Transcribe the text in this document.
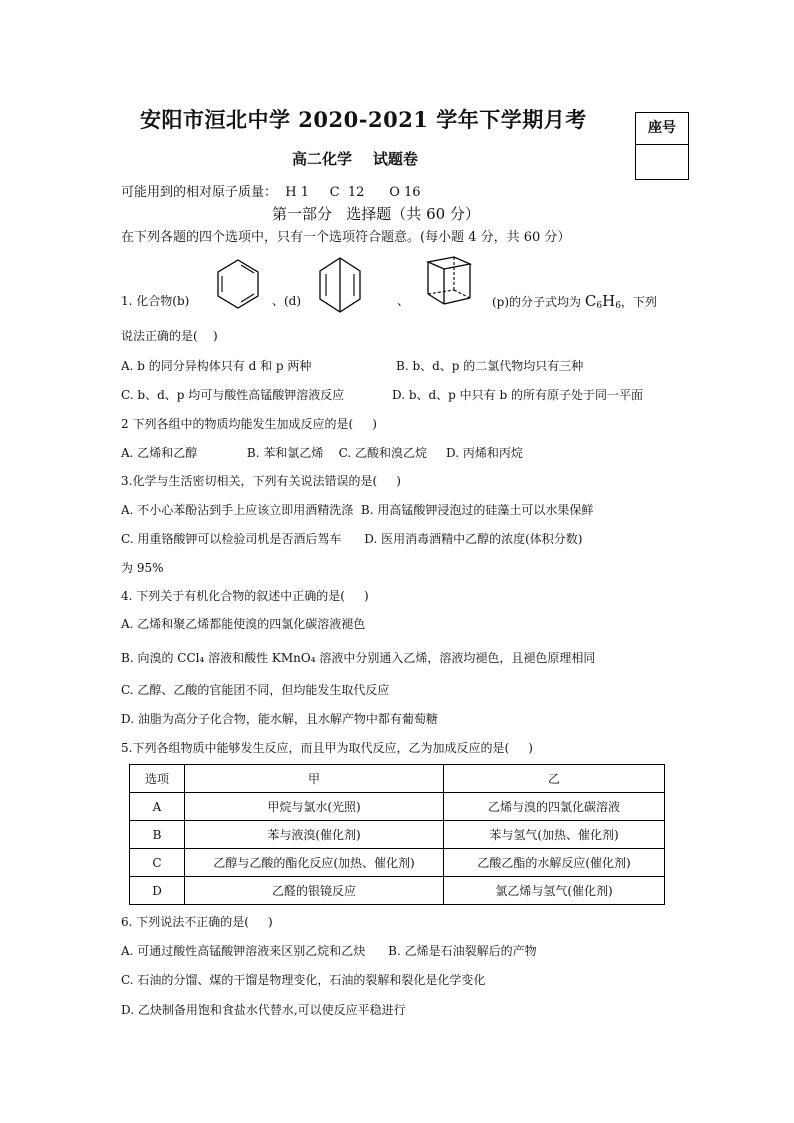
安阳市洹北中学 2020-2021 学年下学期月考	座号
高二化学    试题卷
可能用到的相对原子质量：  H 1     C  12      O 16
第一部分   选择题（共 60 分）
在下列各题的四个选项中，只有一个选项符合题意。(每小题 4 分，共 60 分）
1. 化合物(b)	、(d)	、	(p)的分子式均为 C6H6，下列
说法正确的是(    )
A. b 的同分异构体只有 d 和 p 两种	B. b、d、p 的二氯代物均只有三种
C. b、d、p 均可与酸性高锰酸钾溶液反应	D. b、d、p 中只有 b 的所有原子处于同一平面
2 下列各组中的物质均能发生加成反应的是(     )
A. 乙烯和乙醇             B. 苯和氯乙烯    C. 乙酸和溴乙烷     D. 丙烯和丙烷
3.化学与生活密切相关，下列有关说法错误的是(     )
A. 不小心苯酚沾到手上应该立即用酒精洗涤  B. 用高锰酸钾浸泡过的硅藻土可以水果保鲜
C. 用重铬酸钾可以检验司机是否酒后驾车      D. 医用消毒酒精中乙醇的浓度(体积分数)
为 95%
4. 下列关于有机化合物的叙述中正确的是(     )
A. 乙烯和聚乙烯都能使溴的四氯化碳溶液褪色
B. 向溴的 CCl₄ 溶液和酸性 KMnO₄ 溶液中分别通入乙烯，溶液均褪色，且褪色原理相同
C. 乙醇、乙酸的官能团不同，但均能发生取代反应
D. 油脂为高分子化合物，能水解，且水解产物中都有葡萄糖
5.下列各组物质中能够发生反应，而且甲为取代反应，乙为加成反应的是(     )
选项	甲	乙
A	甲烷与氯水(光照)	乙烯与溴的四氯化碳溶液
B	苯与液溴(催化剂)	苯与氢气(加热、催化剂)
C	乙醇与乙酸的酯化反应(加热、催化剂)	乙酸乙酯的水解反应(催化剂)
D	乙醛的银镜反应	氯乙烯与氢气(催化剂)
6. 下列说法不正确的是(     )
A. 可通过酸性高锰酸钾溶液来区别乙烷和乙炔      B. 乙烯是石油裂解后的产物
C. 石油的分馏、煤的干馏是物理变化，石油的裂解和裂化是化学变化
D. 乙炔制备用饱和食盐水代替水,可以使反应平稳进行
